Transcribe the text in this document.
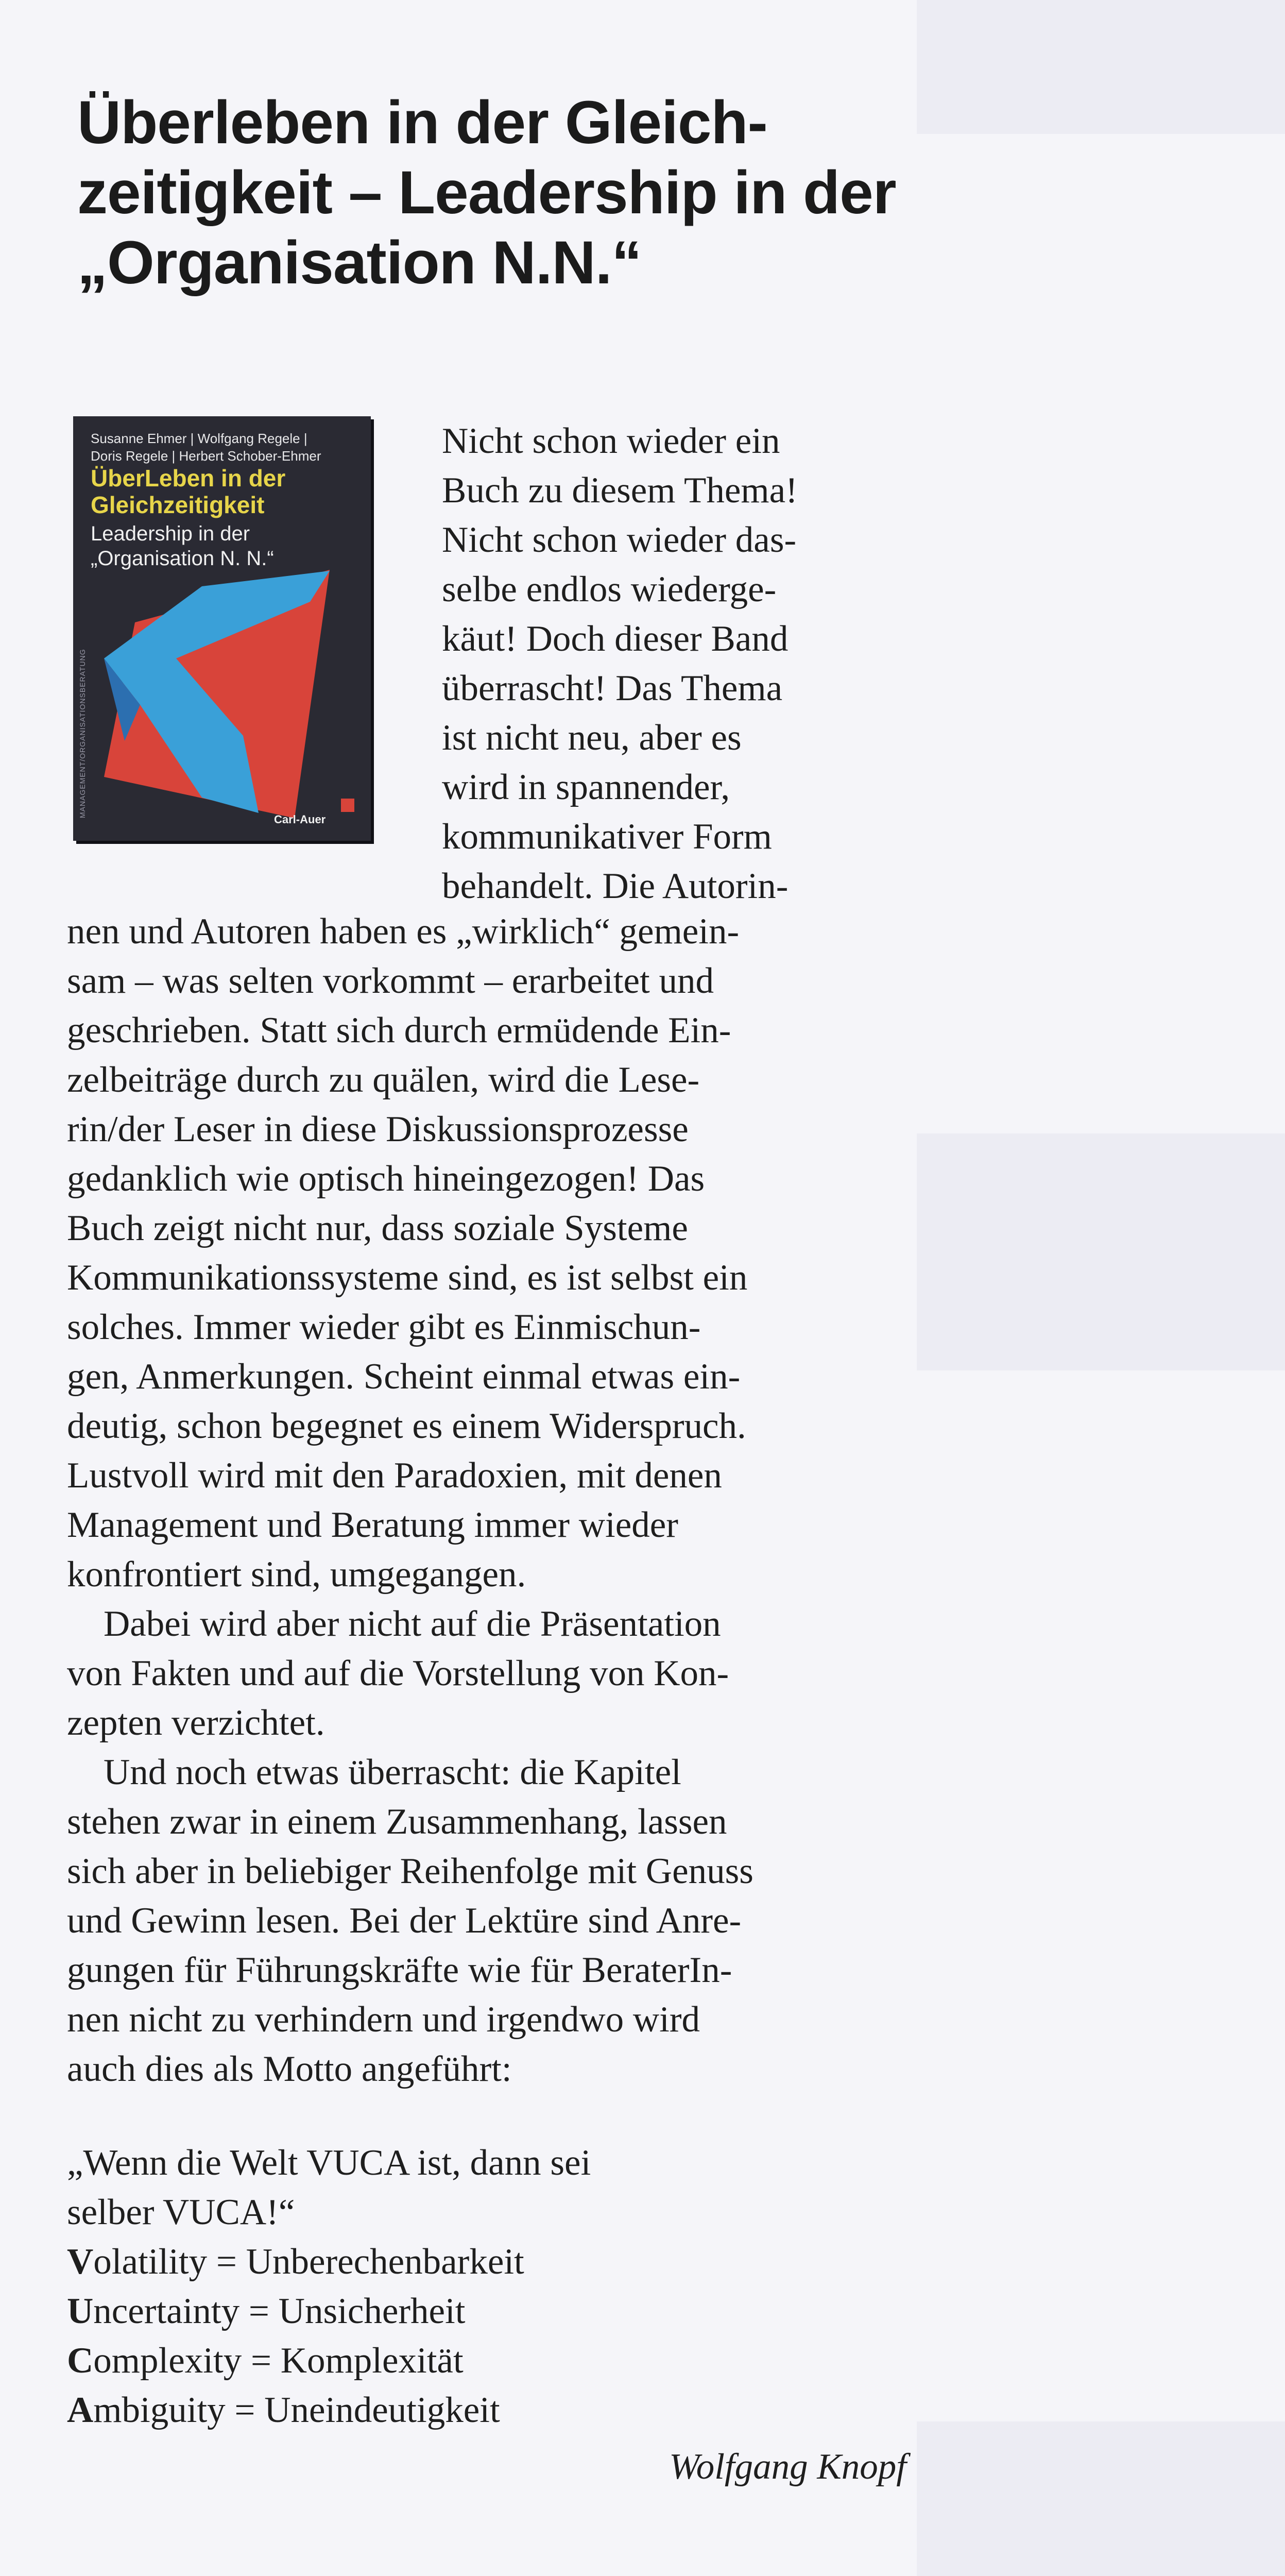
Überleben in der Gleich-
zeitigkeit – Leadership in der
„Organisation N.N.“
Susanne Ehmer | Wolfgang Regele |
Doris Regele | Herbert Schober-Ehmer
ÜberLeben in der
Gleichzeitigkeit
Leadership in der
„Organisation N. N.“
MANAGEMENT/ORGANISATIONSBERATUNG
Carl-Auer
Nicht schon wieder ein
Buch zu diesem Thema!
Nicht schon wieder das-
selbe endlos wiederge-
käut! Doch dieser Band
überrascht! Das Thema
ist nicht neu, aber es
wird in spannender,
kommunikativer Form
behandelt. Die Autorin-
nen und Autoren haben es „wirklich“ gemein-
sam – was selten vorkommt – erarbeitet und
geschrieben. Statt sich durch ermüdende Ein-
zelbeiträge durch zu quälen, wird die Lese-
rin/der Leser in diese Diskussionsprozesse
gedanklich wie optisch hineingezogen! Das
Buch zeigt nicht nur, dass soziale Systeme
Kommunikationssysteme sind, es ist selbst ein
solches. Immer wieder gibt es Einmischun-
gen, Anmerkungen. Scheint einmal etwas ein-
deutig, schon begegnet es einem Widerspruch.
Lustvoll wird mit den Paradoxien, mit denen
Management und Beratung immer wieder
konfrontiert sind, umgegangen.
Dabei wird aber nicht auf die Präsentation
von Fakten und auf die Vorstellung von Kon-
zepten verzichtet.
Und noch etwas überrascht: die Kapitel
stehen zwar in einem Zusammenhang, lassen
sich aber in beliebiger Reihenfolge mit Genuss
und Gewinn lesen. Bei der Lektüre sind Anre-
gungen für Führungskräfte wie für BeraterIn-
nen nicht zu verhindern und irgendwo wird
auch dies als Motto angeführt:
„Wenn die Welt VUCA ist, dann sei
selber VUCA!“
Volatility = Unberechenbarkeit
Uncertainty = Unsicherheit
Complexity = Komplexität
Ambiguity = Uneindeutigkeit
Wolfgang Knopf
